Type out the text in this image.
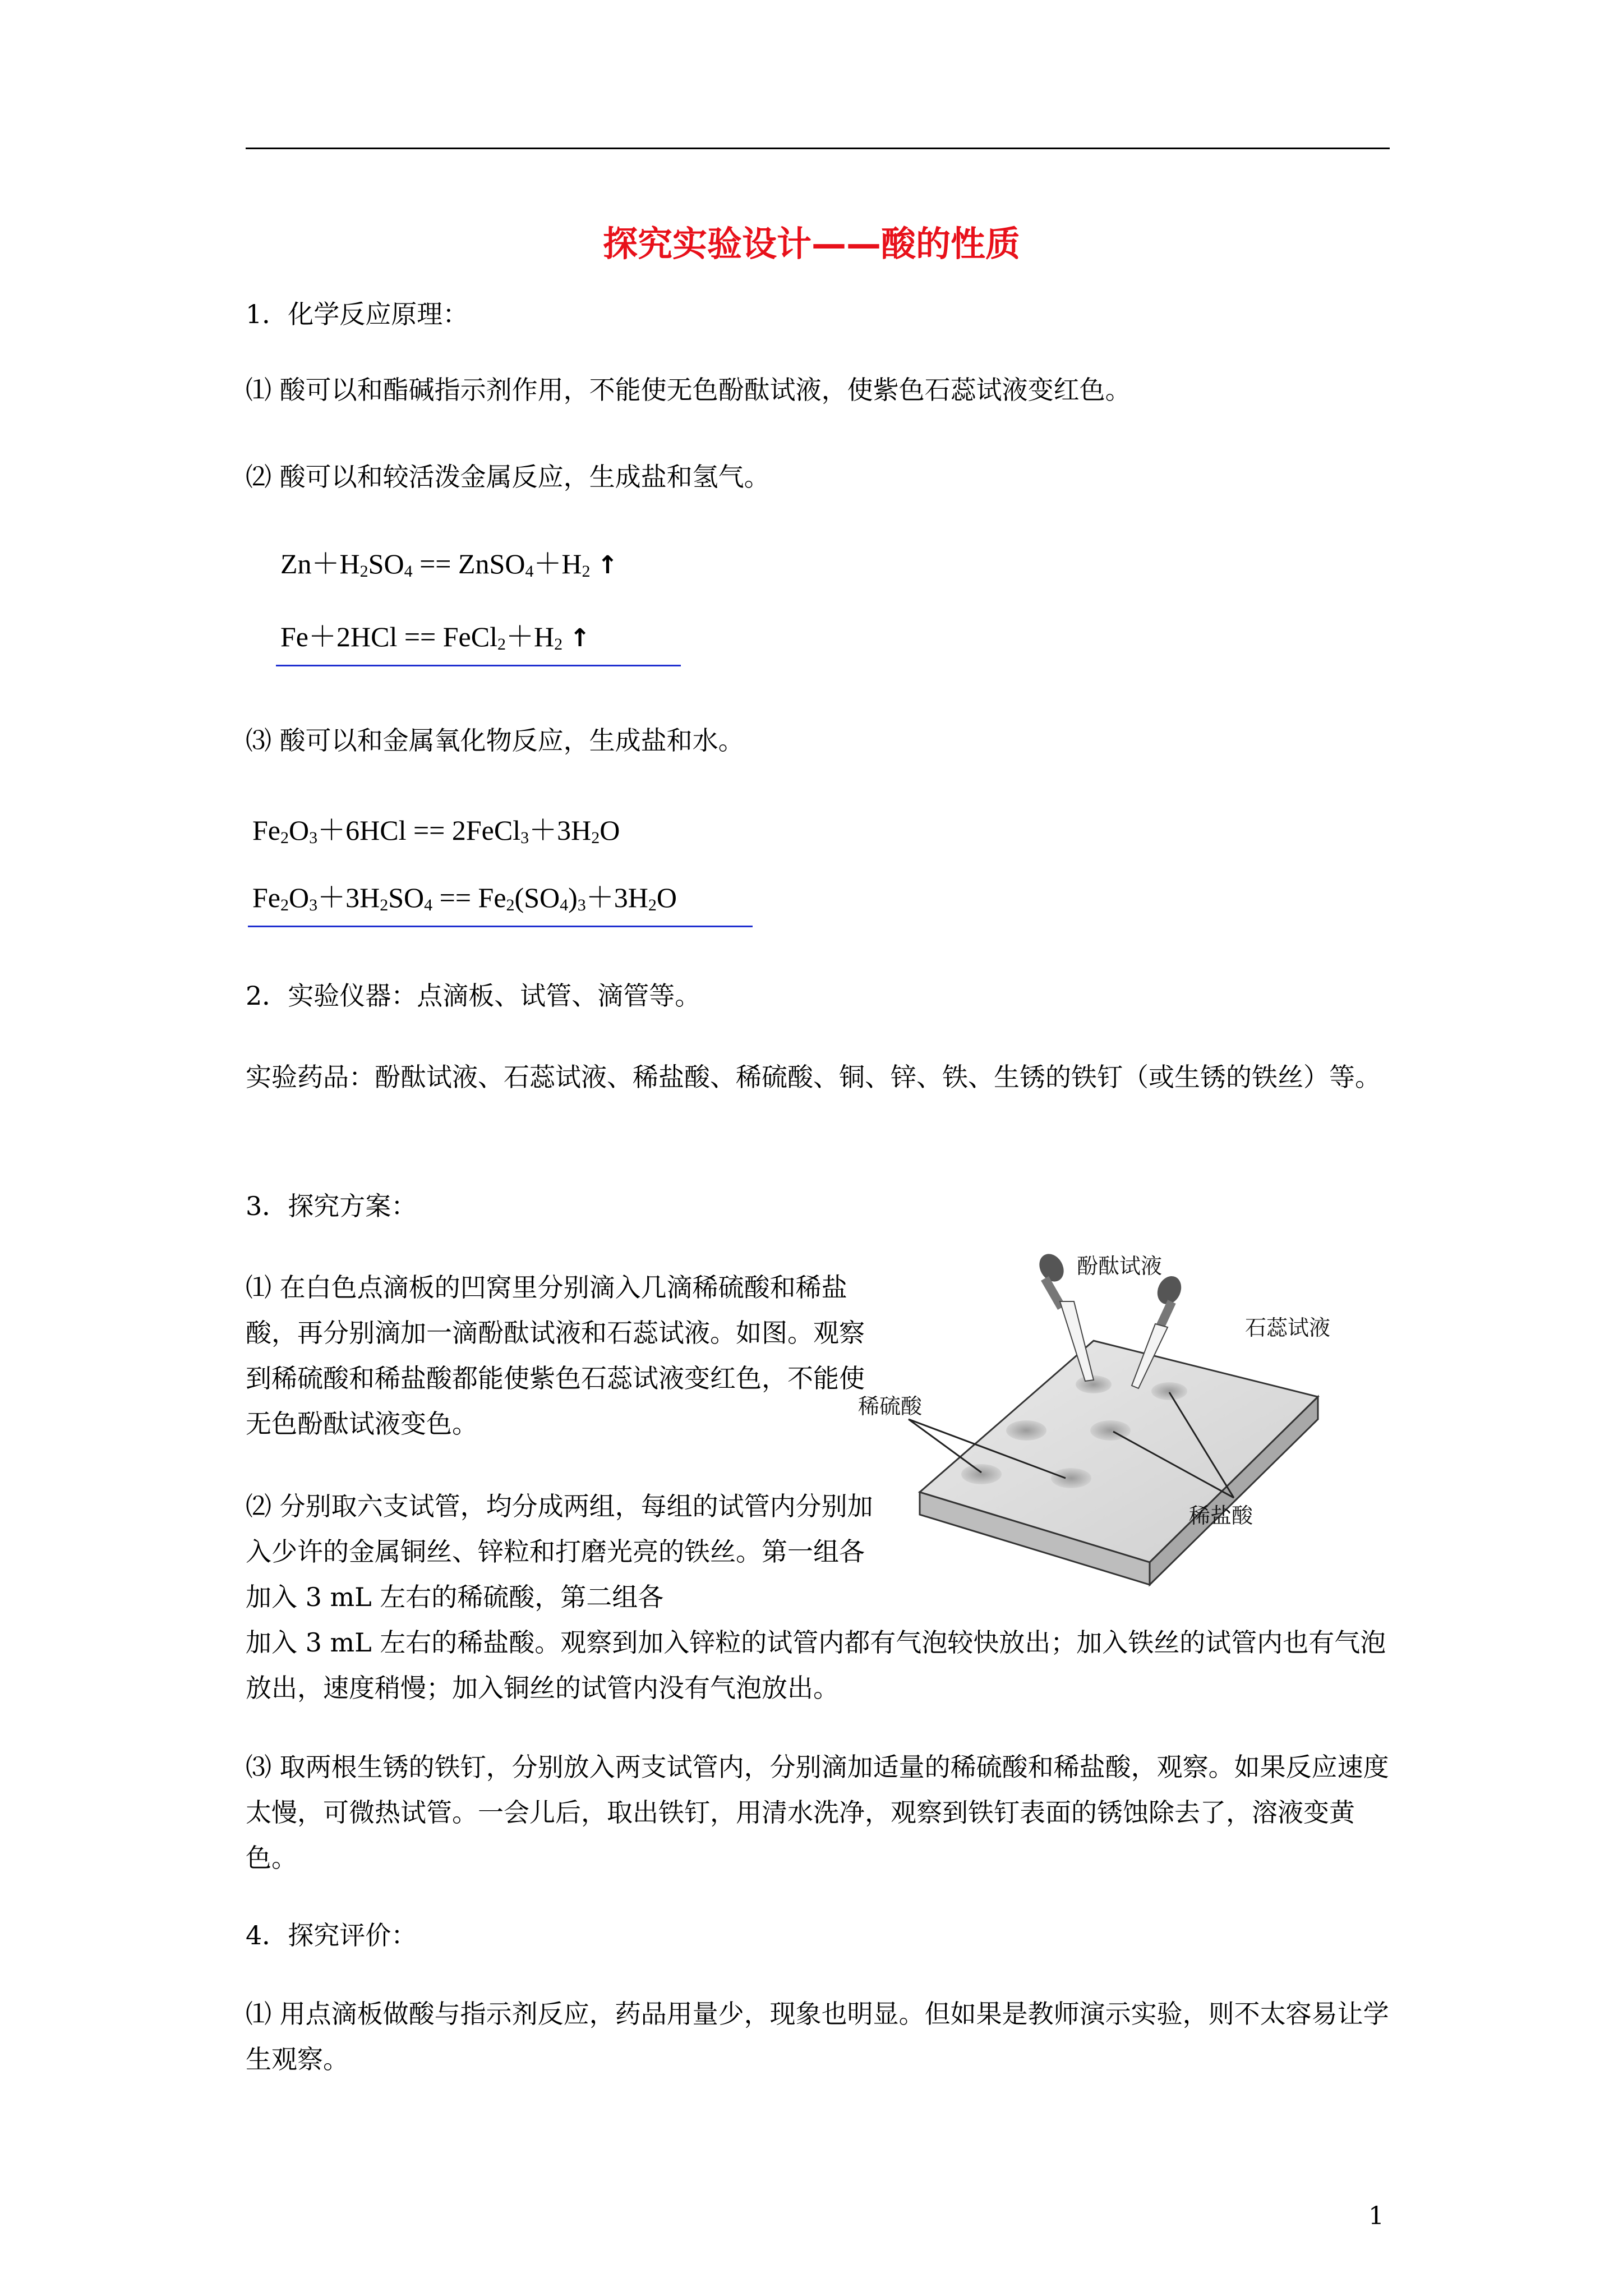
探究实验设计——酸的性质
1．化学反应原理：
⑴ 酸可以和酯碱指示剂作用，不能使无色酚酞试液，使紫色石蕊试液变红色。
⑵ 酸可以和较活泼金属反应，生成盐和氢气。
$Zn+H_2SO_4$ == $ZnSO_4+H_2$ ↑
$Fe+2HCl == FeCl_2+H_2$ ↑
⑶ 酸可以和金属氧化物反应，生成盐和水。
$Fe_2O_3+6HCl$ == $2FeCl_3+3H_2O$
$Fe_2O_3+3H_2SO_4 == Fe_2(SO_4)_3+3H_2O$
2．实验仪器：点滴板、试管、滴管等。
实验药品：酚酞试液、石蕊试液、稀盐酸、稀硫酸、铜、锌、铁、生锈的铁钉（或生锈的铁丝）等。
3．探究方案：
⑴ 在白色点滴板的凹窝里分别滴入几滴稀硫酸和稀盐酸，再分别滴加一滴酚酞试液和石蕊试液。如图。观察到稀硫酸和稀盐酸都能使紫色石蕊试液变红色，不能使无色酚酞试液变色。
⑵ 分别取六支试管，均分成两组，每组的试管内分别加入少许的金属铜丝、锌粒和打磨光亮的铁丝。第一组各加入 3 mL 左右的稀硫酸，第二组各
加入 3 mL 左右的稀盐酸。观察到加入锌粒的试管内都有气泡较快放出；加入铁丝的试管内也有气泡放出，速度稍慢；加入铜丝的试管内没有气泡放出。
⑶ 取两根生锈的铁钉，分别放入两支试管内，分别滴加适量的稀硫酸和稀盐酸，观察。如果反应速度太慢，可微热试管。一会儿后，取出铁钉，用清水洗净，观察到铁钉表面的锈蚀除去了，溶液变黄色。
4．探究评价：
⑴ 用点滴板做酸与指示剂反应，药品用量少，现象也明显。但如果是教师演示实验，则不太容易让学生观察。
酚酞试液
石蕊试液
稀硫酸
稀盐酸
1
